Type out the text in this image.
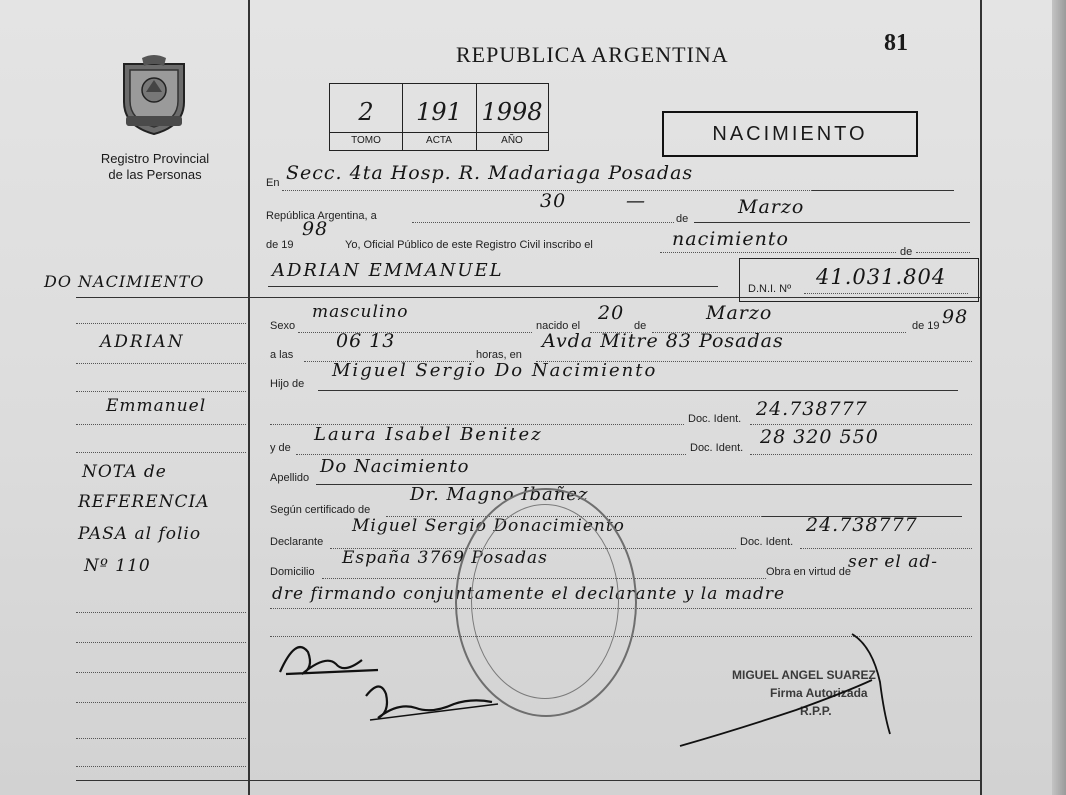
REPUBLICA ARGENTINA	81
Registro Provincial
de las Personas
2
TOMO
191
ACTA
1998
AÑO	NACIMIENTO
En Secc. 4ta Hosp. R. Madariaga Posadas
República Argentina, a
30	—
de
Marzo
de 19
98
Yo, Oficial Público de este Registro Civil inscribo el	nacimiento
de
ADRIAN EMMANUEL
D.N.I. Nº 41.031.804
DO NACIMIENTO
ADRIAN
Emmanuel
NOTA de
REFERENCIA
PASA al folio
Nº 110
Sexo
masculino
nacido el
20
de
Marzo
de 19 98
a las
06 13
horas, en
Avda Mitre 83 Posadas
Hijo de
Miguel Sergio Do Nacimiento
Doc. Ident. 24.738777
y de
Laura Isabel Benitez
Doc. Ident. 28 320 550
Apellido
Do Nacimiento
Según certificado de
Dr. Magno Ibañez
Declarante
Miguel Sergio Donacimiento
Doc. Ident.
24.738777
Domicilio
España 3769 Posadas
Obra en virtud de
ser el ad-
dre firmando conjuntamente el declarante y la madre
MIGUEL ANGEL SUAREZ
Firma Autorizada
R.P.P.
